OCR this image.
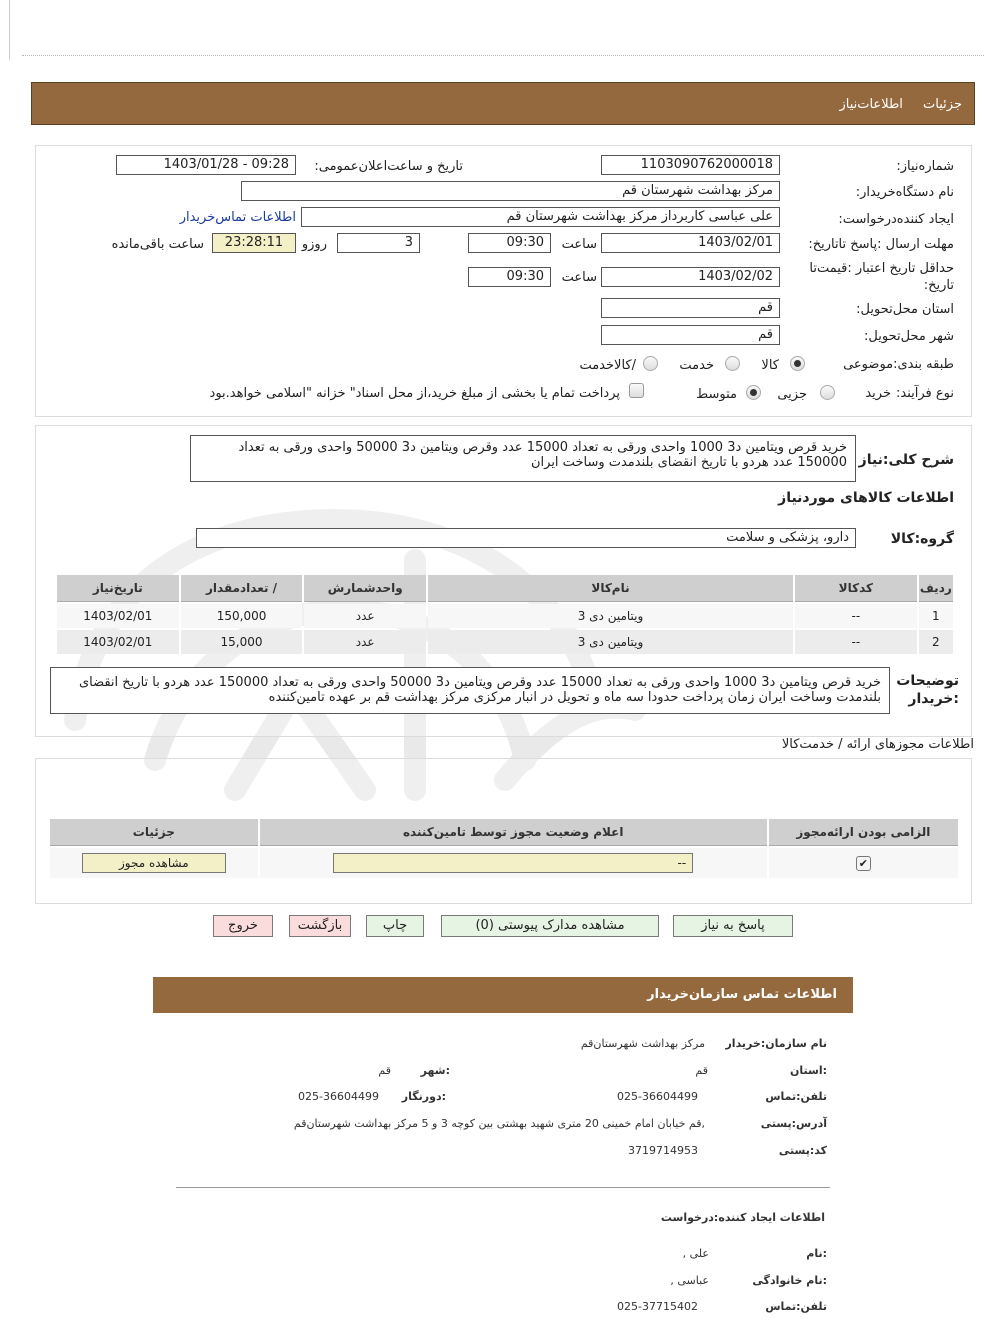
جزئیات اطلاعات‌نیاز
شماره‌نیاز:
1103090762000018
تاریخ و ساعت‌اعلان‌عمومی:
1403/01/28 - 09:28
نام دستگاه‌خریدار:
مرکز بهداشت شهرستان قم
ایجاد کننده‌درخواست:
علی عباسی کاربرداز مرکز بهداشت شهرستان قم
اطلاعات تماس‌خریدار
مهلت ارسال :پاسخ تا‌تاریخ:
1403/02/01
ساعت
09:30
3
روزو
23:28:11
ساعت باقی‌مانده
حداقل تاریخ اعتبار :قیمت‌تا تاریخ:
1403/02/02
ساعت
09:30
استان محل‌تحویل:
قم
شهر محل‌تحویل:
قم
طبقه بندی‌:موضوعی
کالا
خدمت
/کالاخدمت
نوع فرآیند:
خرید
جزیی
متوسط
پرداخت تمام یا بخشی از مبلغ خرید،از محل اسناد" خزانه "اسلامی خواهد.بود
شرح کلی:نیاز
خرید قرص ویتامین د3 1000 واحدی ورقی به تعداد 15000 عدد وقرص ویتامین د3 50000 واحدی ورقی به تعداد 150000 عدد هردو با تاریخ انقضای بلندمدت وساخت ایران
اطلاعات کالاهای موردنیاز
گروه:کالا
دارو، پزشکی و سلامت
ردیف	کدکالا	نام‌کالا	واحدشمارش	/ تعدادمقدار	تاریخ‌نیاز
1	--	ویتامین دی 3	عدد	150,000	1403/02/01
2	--	ویتامین دی 3	عدد	15,000	1403/02/01
توضیحات :خریدار
خرید قرص ویتامین د3 1000 واحدی ورقی به تعداد 15000 عدد وقرص ویتامین د3 50000 واحدی ورقی به تعداد 150000 عدد هردو با تاریخ انقضای بلندمدت وساخت ایران زمان پرداخت حدودا سه ماه و تحویل در انبار مرکزی مرکز بهداشت قم بر عهده تامین‌کننده
اطلاعات مجوزهای ارائه / خدمت‌کالا
الزامی بودن ارائه‌مجوز	اعلام وضعیت مجوز توسط تامین‌کننده	جزئیات
✔	--	مشاهده مجوز
پاسخ به نیاز
مشاهده مدارک پیوستی (0)
چاپ
بازگشت
خروج
اطلاعات تماس سازمان‌خریدار
نام سازمان:خریدار
مرکز بهداشت شهرستان‌قم
:استان
قم
:شهر
قم
تلفن:تماس
025-36604499
:دورنگار
025-36604499
آدرس:پستی
,قم خیابان امام خمینی 20 متری شهید بهشتی بین کوچه 3 و 5 مرکز بهداشت شهرستان‌قم
کد:پستی
3719714953
اطلاعات ایجاد کننده:درخواست
:نام
علی ,
:نام خانوادگی
عباسی ,
تلفن:تماس
025-37715402
